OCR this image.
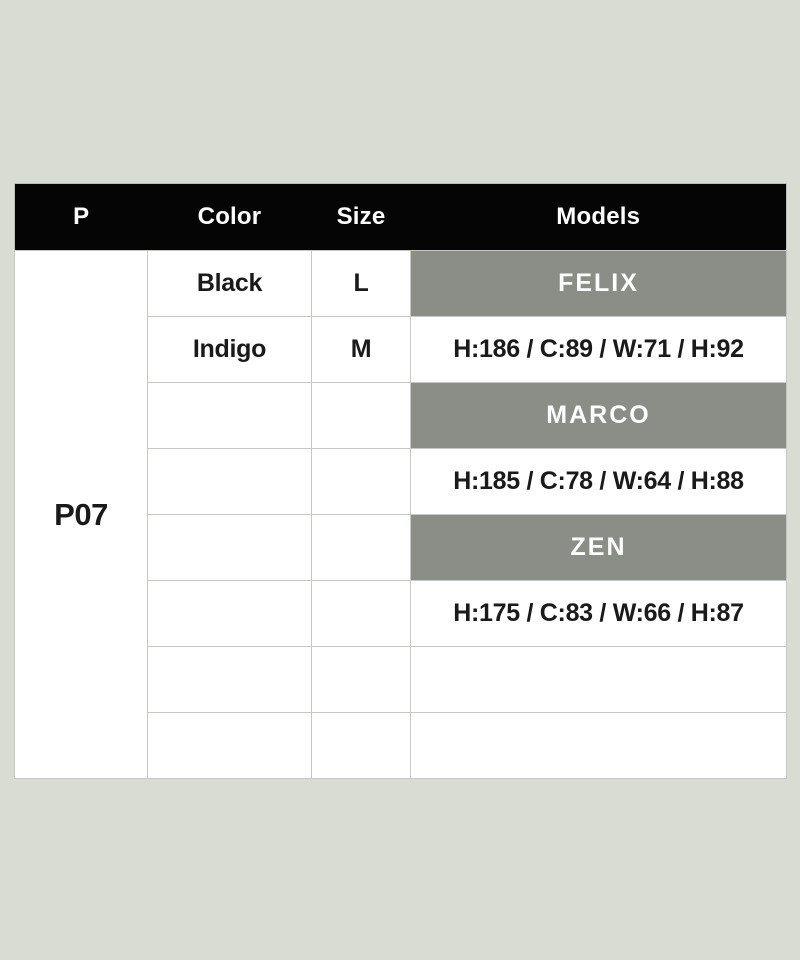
P	Color	Size	Models
P07	Black	L	FELIX
	Indigo	M	H:186 / C:89 / W:71 / H:92
			MARCO
			H:185 / C:78 / W:64 / H:88
			ZEN
			H:175 / C:83 / W:66 / H:87
